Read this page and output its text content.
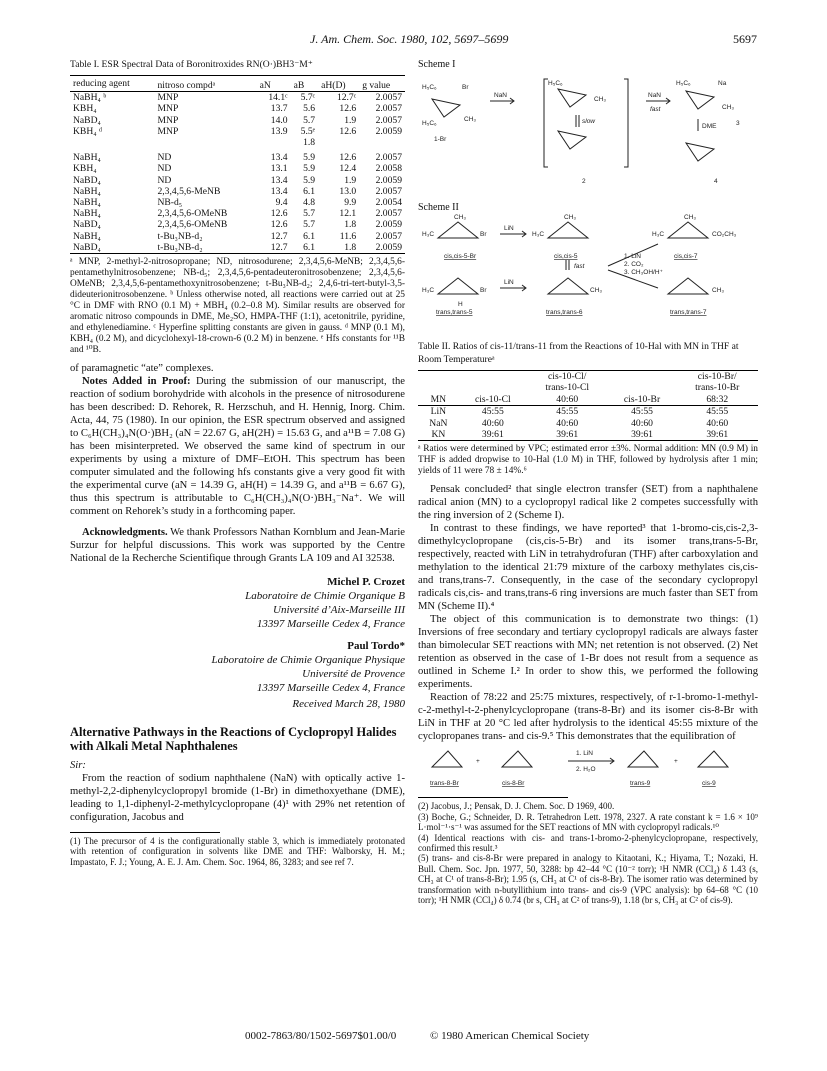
J. Am. Chem. Soc. 1980, 102, 5697–5699	5697
Table I. ESR Spectral Data of Boronitroxides RN(O·)BH3⁻M⁺
reducing agent	nitroso compdᵃ	aN	aB	aH(D)	g value
NaBH₄ ᵇ	MNP	14.1ᶜ	5.7ᶜ	12.7ᶜ	2.0057
KBH₄	MNP	13.7	5.6	12.6	2.0057
NaBD₄	MNP	14.0	5.7	1.9	2.0057
KBH₄ ᵈ	MNP	13.9	5.5ᵉ	12.6	2.0059
			1.8		
NaBH₄	ND	13.4	5.9	12.6	2.0057
KBH₄	ND	13.1	5.9	12.4	2.0058
NaBD₄	ND	13.4	5.9	1.9	2.0059
NaBH₄	2,3,4,5,6-MeNB	13.4	6.1	13.0	2.0057
NaBH₄	NB-d₅	9.4	4.8	9.9	2.0054
NaBH₄	2,3,4,5,6-OMeNB	12.6	5.7	12.1	2.0057
NaBD₄	2,3,4,5,6-OMeNB	12.6	5.7	1.8	2.0059
NaBH₄	t-Bu₃NB-d₂	12.7	6.1	11.6	2.0057
NaBD₄	t-Bu₃NB-d₂	12.7	6.1	1.8	2.0059
ᵃ MNP, 2-methyl-2-nitrosopropane; ND, nitrosodurene; 2,3,4,5,6-MeNB; 2,3,4,5,6-pentamethylnitrosobenzene; NB-d₅; 2,3,4,5,6-pentadeuteronitrosobenzene; 2,3,4,5,6-OMeNB; 2,3,4,5,6-pentamethoxynitrosobenzene; t-Bu₃NB-d₂; 2,4,6-tri-tert-butyl-3,5-dideuterionitrosobenzene. ᵇ Unless otherwise noted, all reactions were carried out at 25 °C in DMF with RNO (0.1 M) + MBH₄ (0.2–0.8 M). Similar results are observed for aromatic nitroso compounds in DME, Me₂SO, HMPA-THF (1:1), acetonitrile, pyridine, and ethylenediamine. ᶜ Hyperfine splitting constants are given in gauss. ᵈ MNP (0.1 M), KBH₄ (0.2 M), and dicyclohexyl-18-crown-6 (0.2 M) in benzene. ᵉ Hfs constants for ¹¹B and ¹⁰B.

of paramagnetic “ate” complexes.

Notes Added in Proof: During the submission of our manuscript, the reaction of sodium borohydride with alcohols in the presence of nitrosodurene has been described: D. Rehorek, R. Herzschuh, and H. Hennig, Inorg. Chim. Acta, 44, 75 (1980). In our opinion, the ESR spectrum observed and assigned to C₆H(CH₃)₄N(O·)BH₂ (aN = 22.67 G, aH(2H) = 15.63 G, and a¹¹B = 7.08 G) has been misinterpreted. We observed the same kind of spectrum in our experiments by using a mixture of DMF–EtOH. This spectrum has been computer simulated and the following hfs constants give a very good fit with the experimental curve (aN = 14.39 G, aH(H) = 14.39 G, and a¹¹B = 6.67 G), thus this spectrum is attributable to C₆H(CH₃)₄N(O·)BH₃⁻Na⁺. We will comment on Rehorek’s study in a forthcoming paper.

Acknowledgments. We thank Professors Nathan Kornblum and Jean-Marie Surzur for helpful discussions. This work was supported by the Centre National de la Recherche Scientifique through Grants LA 109 and AI 32538.

Michel P. Crozet
Laboratoire de Chimie Organique B
Université d’Aix-Marseille III
13397 Marseille Cedex 4, France
Paul Tordo*
Laboratoire de Chimie Organique Physique
Université de Provence
13397 Marseille Cedex 4, France
Received March 28, 1980
Alternative Pathways in the Reactions of Cyclopropyl Halides with Alkali Metal Naphthalenes
Sir:

From the reaction of sodium naphthalene (NaN) with optically active 1-methyl-2,2-diphenylcyclopropyl bromide (1-Br) in dimethoxyethane (DME), leading to 1,1-diphenyl-2-methylcyclopropane (4)¹ with 29% net retention of configuration, Jacobus and

(1) The precursor of 4 is the configurationally stable 3, which is immediately protonated with retention of configuration in solvents like DME and THF: Walborsky, H. M.; Impastato, F. J.; Young, A. E. J. Am. Chem. Soc. 1964, 86, 3283; and see ref 7.
Scheme I
H₅C₆	Br
H₅C₆
CH₃
1-Br
NaN
slow
NaN
fast
DME
2
3
4
H₅C₆
CH₃
H₅C₆	Na
CH₃
Scheme II
LiN
cis,cis-5-Br	cis,cis-5	cis,cis-7
fast
1. LiN
2. CO₂
3. CH₃OH/H⁺
LiN
trans,trans-5	trans,trans-6	trans,trans-7
H₃C	Br
CH₃
H₃C
CH₃
H₃C	CO₂CH₃
CH₃
H₃C	Br	CH₃	CH₃
H
Table II. Ratios of cis-11/trans-11 from the Reactions of 10-Hal with MN in THF at Room Temperatureᵃ
		cis-10-Cl/		cis-10-Br/
		trans-10-Cl		trans-10-Br
MN	cis-10-Cl	40:60	cis-10-Br	68:32
LiN	45:55	45:55	45:55	45:55
NaN	40:60	40:60	40:60	40:60
KN	39:61	39:61	39:61	39:61
ᵃ Ratios were determined by VPC; estimated error ±3%. Normal addition: MN (0.9 M) in THF is added dropwise to 10-Hal (1.0 M) in THF, followed by hydrolysis after 1 min; yields of 11 were 78 ± 14%.⁶

Pensak concluded² that single electron transfer (SET) from a naphthalene radical anion (MN) to a cyclopropyl radical like 2 competes successfully with the ring inversion of 2 (Scheme I).

In contrast to these findings, we have reported³ that 1-bromo-cis,cis-2,3-dimethylcyclopropane (cis,cis-5-Br) and its isomer trans,trans-5-Br, respectively, reacted with LiN in tetrahydrofuran (THF) after carboxylation and methylation to the identical 21:79 mixture of the carboxy methylates cis,cis- and trans,trans-7. Consequently, in the case of the secondary cyclopropyl radicals cis,cis- and trans,trans-6 ring inversions are much faster than SET from MN (Scheme II).⁴

The object of this communication is to demonstrate two things: (1) Inversions of free secondary and tertiary cyclopropyl radicals are always faster than bimolecular SET reactions with MN; net retention is not observed. (2) Net retention as observed in the case of 1-Br does not result from a sequence as outlined in Scheme I.² In order to show this, we performed the following experiments.

Reaction of 78:22 and 25:75 mixtures, respectively, of r-1-bromo-1-methyl-c-2-methyl-t-2-phenylcyclopropane (trans-8-Br) and its isomer cis-8-Br with LiN in THF at 20 °C led after hydrolysis to the identical 45:55 mixture of the cyclopropanes trans- and cis-9.⁵ This demonstrates that the equilibration of

+	+
1. LiN
2. H₂O
trans-8-Br	cis-8-Br	trans-9	cis-9
(2) Jacobus, J.; Pensak, D. J. Chem. Soc. D 1969, 400.
(3) Boche, G.; Schneider, D. R. Tetrahedron Lett. 1978, 2327. A rate constant k = 1.6 × 10⁹ L·mol⁻¹·s⁻¹ was assumed for the SET reactions of MN with cyclopropyl radicals.¹⁰
(4) Identical reactions with cis- and trans-1-bromo-2-phenylcyclopropane, respectively, confirmed this result.³
(5) trans- and cis-8-Br were prepared in analogy to Kitaotani, K.; Hiyama, T.; Nozaki, H. Bull. Chem. Soc. Jpn. 1977, 50, 3288: bp 42–44 °C (10⁻² torr); ¹H NMR (CCl₄) δ 1.43 (s, CH₃ at C¹ of trans-8-Br); 1.95 (s, CH₃ at C¹ of cis-8-Br). The isomer ratio was determined by transformation with n-butyllithium into trans- and cis-9 (VPC analysis): bp 64–68 °C (10 torr); ¹H NMR (CCl₄) δ 0.74 (br s, CH₃ at C² of trans-9), 1.18 (br s, CH₃ at C² of cis-9).
0002-7863/80/1502-5697$01.00/0	© 1980 American Chemical Society
